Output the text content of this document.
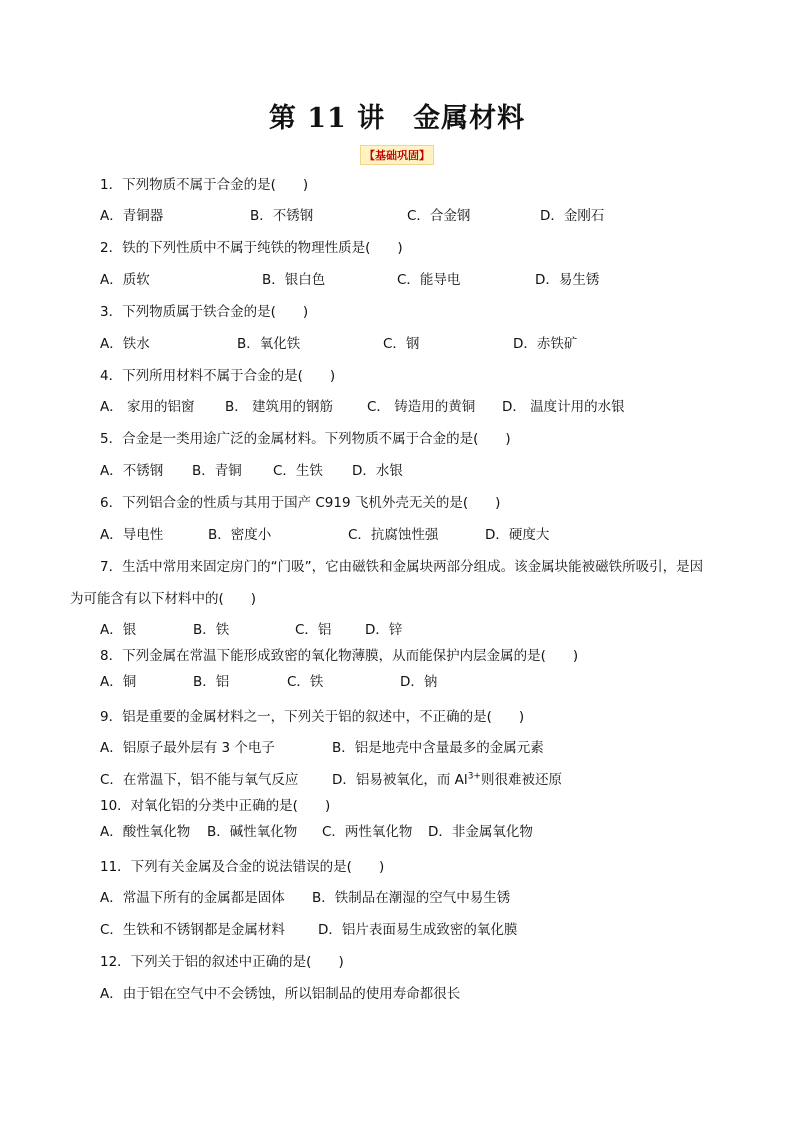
第 11 讲　金属材料
【基础巩固】
1．下列物质不属于合金的是(　　)
A．青铜器	B．不锈钢	C．合金钢	D．金刚石
2．铁的下列性质中不属于纯铁的物理性质是(　　)
A．质软	B．银白色	C．能导电	D．易生锈
3．下列物质属于铁合金的是(　　)
A．铁水	B．氧化铁	C．钢	D．赤铁矿
4．下列所用材料不属于合金的是(　　)
A． 家用的铝窗 B． 建筑用的钢筋	C． 铸造用的黄铜 D． 温度计用的水银
5．合金是一类用途广泛的金属材料。下列物质不属于合金的是(　　)
A．不锈钢 B．青铜 C．生铁 D．水银
6．下列铝合金的性质与其用于国产 C919 飞机外壳无关的是(　　)
A．导电性	B．密度小	C．抗腐蚀性强	D．硬度大
7．生活中常用来固定房门的“门吸”，它由磁铁和金属块两部分组成。该金属块能被磁铁所吸引，是因
为可能含有以下材料中的(　　)
A．银	B．铁	C．铝 D．锌
8．下列金属在常温下能形成致密的氧化物薄膜，从而能保护内层金属的是(　　)
A．铜	B．铝	C．铁	D．钠
9．铝是重要的金属材料之一，下列关于铝的叙述中，不正确的是(　　)
A．铝原子最外层有 3 个电子	B．铝是地壳中含量最多的金属元素
C．在常温下，铝不能与氧气反应 D．铝易被氧化，而 $Al^{3+}$则很难被还原
10．对氧化铝的分类中正确的是(　　)
A．酸性氧化物 B．碱性氧化物 C．两性氧化物 D．非金属氧化物
11．下列有关金属及合金的说法错误的是(　　)
A．常温下所有的金属都是固体 B．铁制品在潮湿的空气中易生锈
C．生铁和不锈钢都是金属材料 D．铝片表面易生成致密的氧化膜
12．下列关于铝的叙述中正确的是(　　)
A．由于铝在空气中不会锈蚀，所以铝制品的使用寿命都很长
